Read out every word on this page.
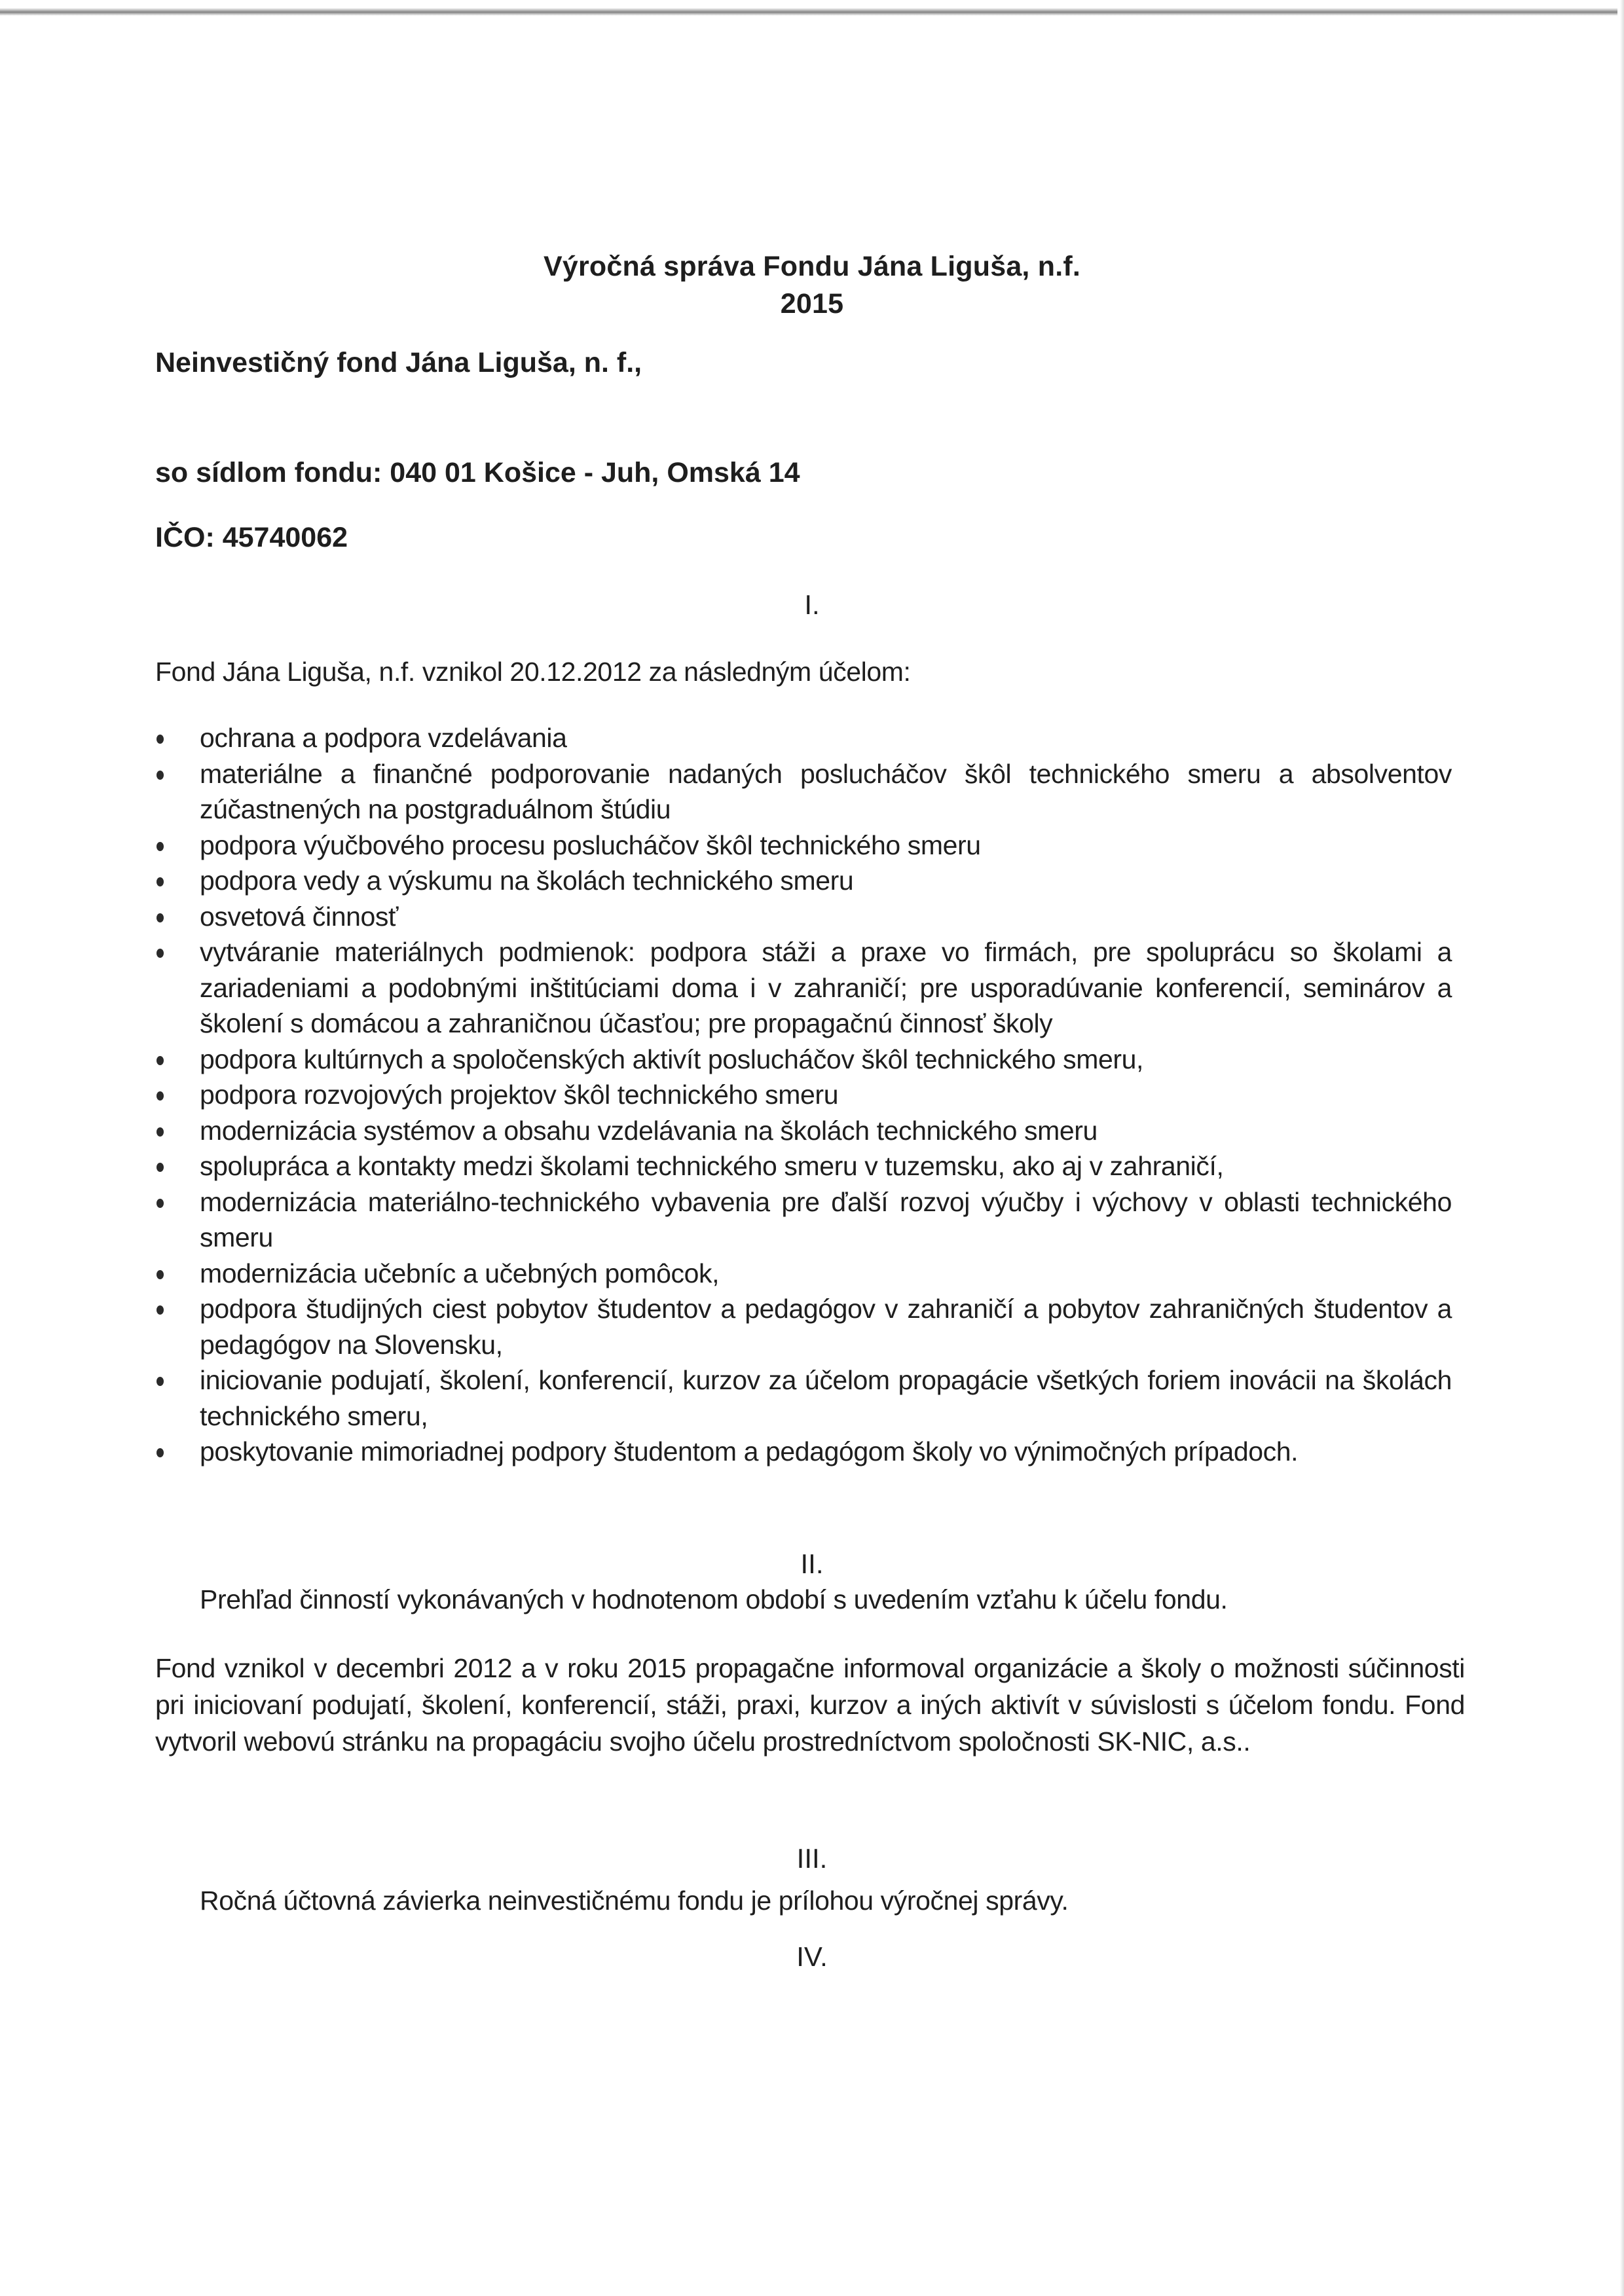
Výročná správa Fondu Jána Liguša, n.f.
2015
Neinvestičný fond Jána Liguša, n. f.,
so sídlom fondu: 040 01 Košice - Juh, Omská 14
IČO: 45740062
I.
Fond Jána Liguša, n.f. vznikol 20.12.2012 za následným účelom:
ochrana a podpora vzdelávania
materiálne a finančné podporovanie nadaných poslucháčov škôl technického smeru a absolventov zúčastnených na postgraduálnom štúdiu
podpora výučbového procesu poslucháčov škôl technického smeru
podpora vedy a výskumu na školách technického smeru
osvetová činnosť
vytváranie materiálnych podmienok: podpora stáži a praxe vo firmách, pre spoluprácu so školami a zariadeniami a podobnými inštitúciami doma i v zahraničí; pre usporadúvanie konferencií, seminárov a školení s domácou a zahraničnou účasťou; pre propagačnú činnosť školy
podpora kultúrnych a spoločenských aktivít poslucháčov škôl technického smeru,
podpora rozvojových projektov škôl technického smeru
modernizácia systémov a obsahu vzdelávania na školách technického smeru
spolupráca a kontakty medzi školami technického smeru v tuzemsku, ako aj v zahraničí,
modernizácia materiálno-technického vybavenia pre ďalší rozvoj výučby i výchovy v oblasti technického smeru
modernizácia učebníc a učebných pomôcok,
podpora študijných ciest pobytov študentov a pedagógov v zahraničí a pobytov zahraničných študentov a pedagógov na Slovensku,
iniciovanie podujatí, školení, konferencií, kurzov za účelom propagácie všetkých foriem inovácii na školách technického smeru,
poskytovanie mimoriadnej podpory študentom a pedagógom školy vo výnimočných prípadoch.
II.
Prehľad činností vykonávaných v hodnotenom období s uvedením vzťahu k účelu fondu.
Fond vznikol v decembri 2012 a v roku 2015 propagačne informoval organizácie a školy o možnosti súčinnosti pri iniciovaní podujatí, školení, konferencií, stáži, praxi, kurzov a iných aktivít v súvislosti s účelom fondu. Fond vytvoril webovú stránku na propagáciu svojho účelu prostredníctvom spoločnosti SK-NIC, a.s..
III.
Ročná účtovná závierka neinvestičnému fondu je prílohou výročnej správy.
IV.
